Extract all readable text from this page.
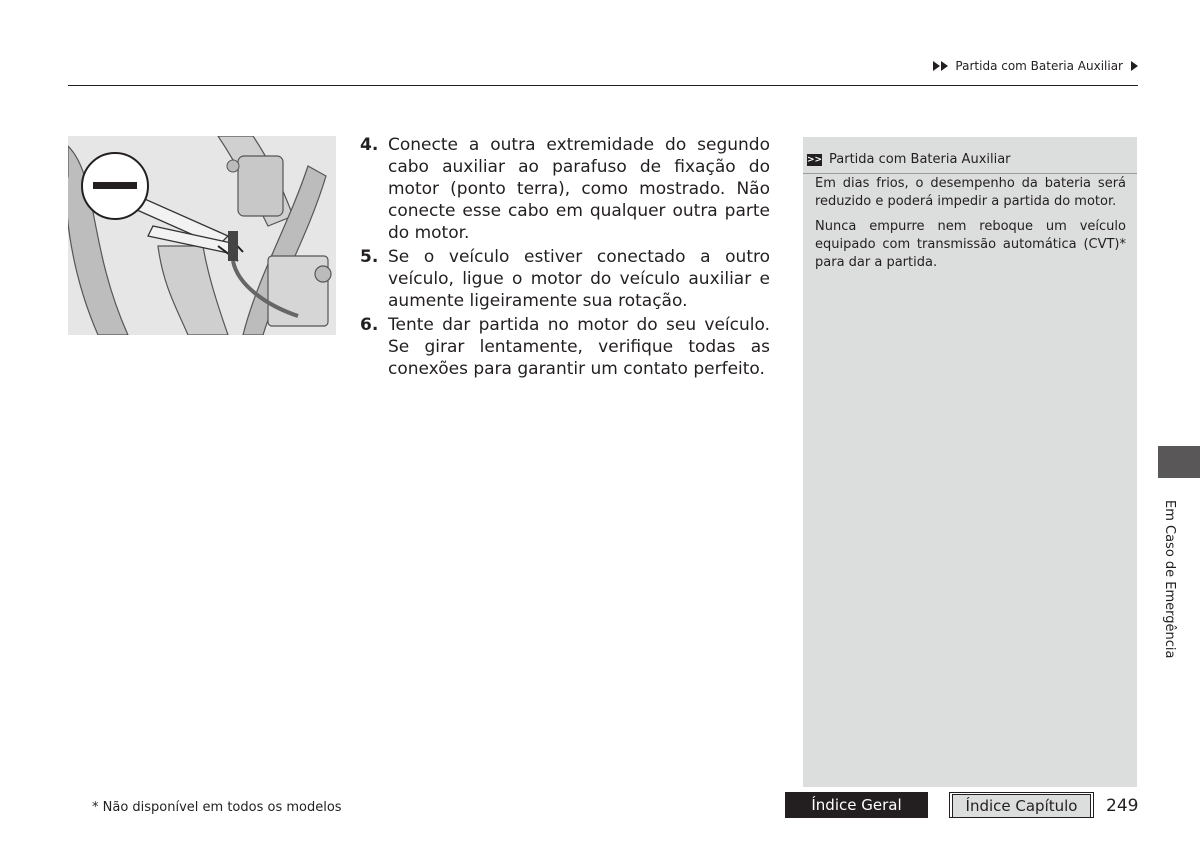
Partida com Bateria Auxiliar
4. Conecte a outra extremidade do segundo cabo auxiliar ao parafuso de fixação do motor (ponto terra), como mostrado. Não conecte esse cabo em qualquer outra parte do motor.
5. Se o veículo estiver conectado a outro veículo, ligue o motor do veículo auxiliar e aumente ligeiramente sua rotação.
6. Tente dar partida no motor do seu veículo. Se girar lentamente, verifique todas as conexões para garantir um contato perfeito.
>> Partida com Bateria Auxiliar

Em dias frios, o desempenho da bateria será reduzido e poderá impedir a partida do motor.

Nunca empurre nem reboque um veículo equipado com transmissão automática (CVT)* para dar a partida.

Em Caso de Emergência
* Não disponível em todos os modelos	Índice Geral	Índice Capítulo	249
